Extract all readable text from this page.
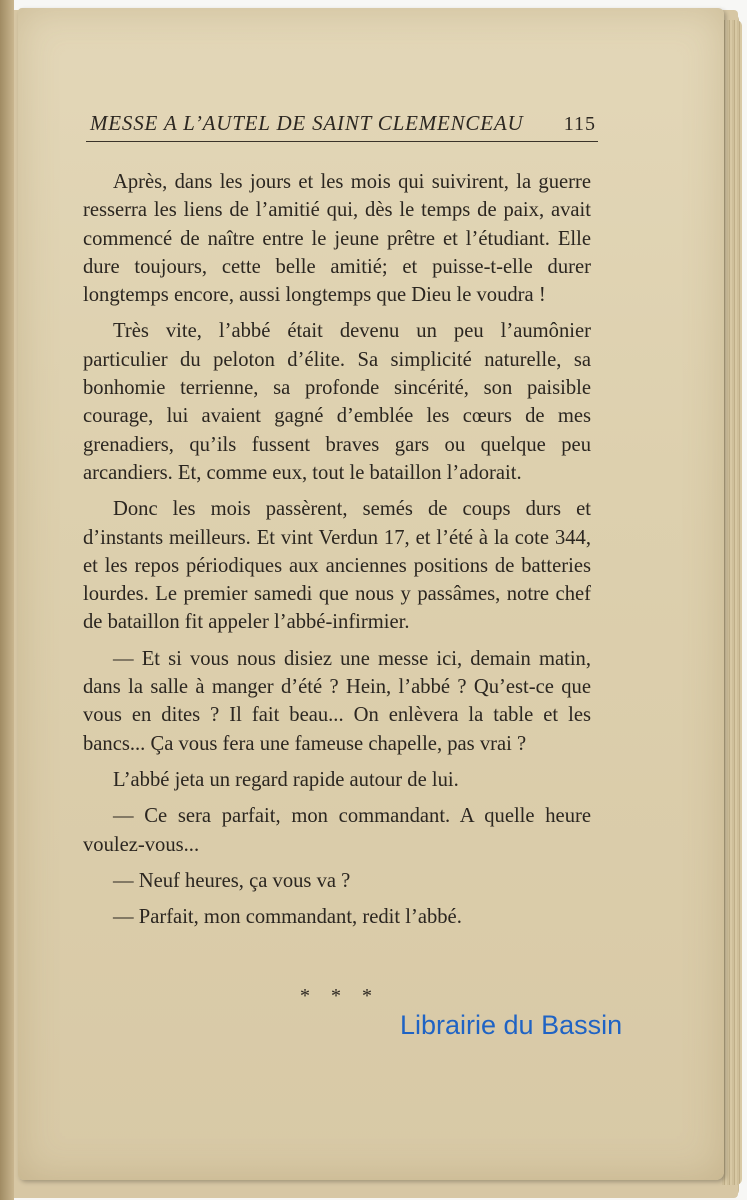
MESSE A L’AUTEL DE SAINT CLEMENCEAU 115

Après, dans les jours et les mois qui suivirent, la guerre resserra les liens de l’amitié qui, dès le temps de paix, avait commencé de naître entre le jeune prêtre et l’étudiant. Elle dure toujours, cette belle amitié; et puisse-t-elle durer longtemps encore, aussi longtemps que Dieu le voudra !

Très vite, l’abbé était devenu un peu l’aumônier particulier du peloton d’élite. Sa simplicité naturelle, sa bonhomie terrienne, sa profonde sincérité, son paisible courage, lui avaient gagné d’emblée les cœurs de mes grenadiers, qu’ils fussent braves gars ou quelque peu arcandiers. Et, comme eux, tout le bataillon l’adorait.

Donc les mois passèrent, semés de coups durs et d’instants meilleurs. Et vint Verdun 17, et l’été à la cote 344, et les repos périodiques aux anciennes positions de batteries lourdes. Le premier samedi que nous y passâmes, notre chef de bataillon fit appeler l’abbé-infirmier.

— Et si vous nous disiez une messe ici, demain matin, dans la salle à manger d’été ? Hein, l’abbé ? Qu’est-ce que vous en dites ? Il fait beau... On enlèvera la table et les bancs... Ça vous fera une fameuse chapelle, pas vrai ?

L’abbé jeta un regard rapide autour de lui.

— Ce sera parfait, mon commandant. A quelle heure voulez-vous...

— Neuf heures, ça vous va ?

— Parfait, mon commandant, redit l’abbé.

* * *
Librairie du Bassin
